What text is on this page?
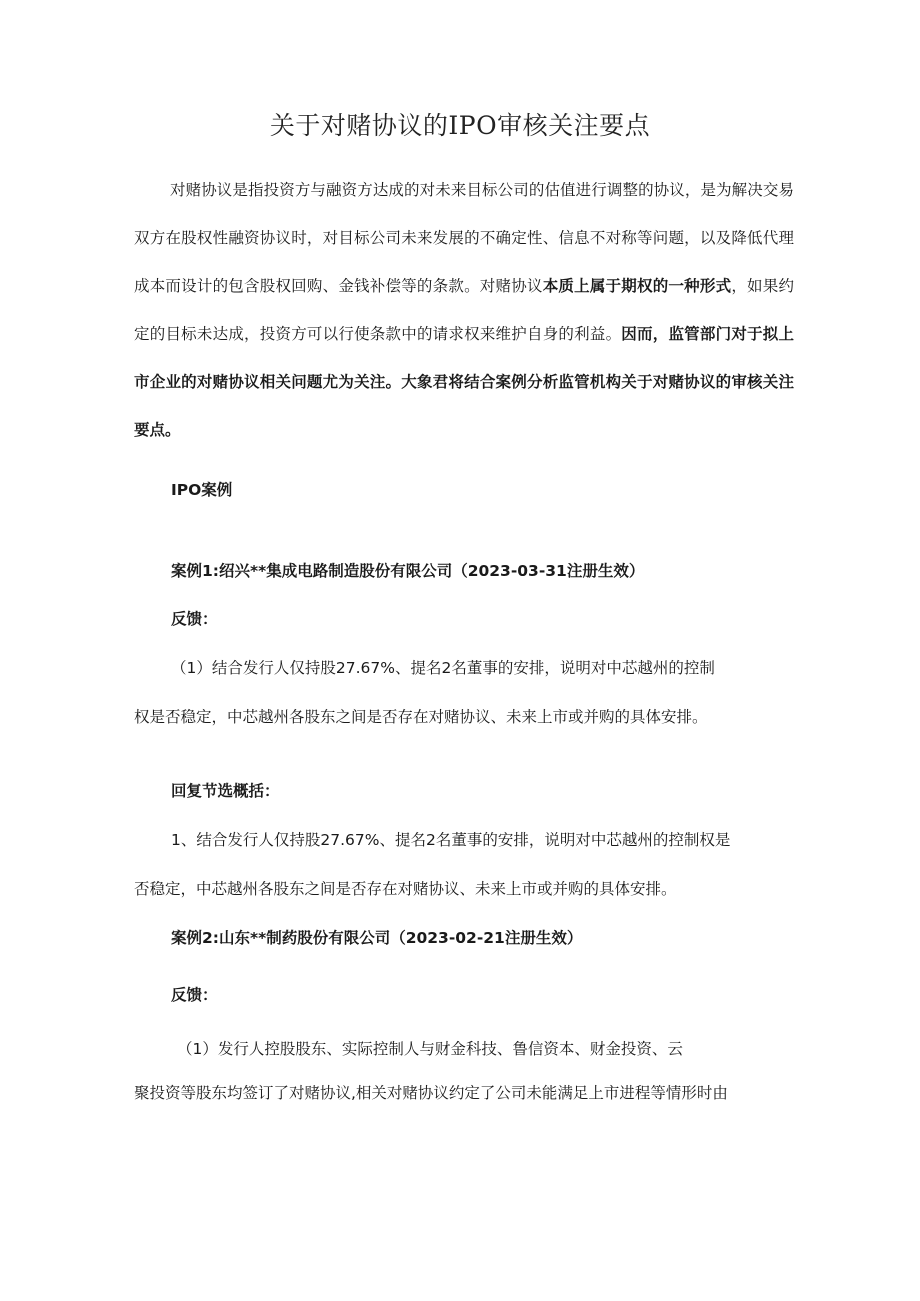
关于对赌协议的IPO审核关注要点

对赌协议是指投资方与融资方达成的对未来目标公司的估值进行调整的协议，是为解决交易双方在股权性融资协议时，对目标公司未来发展的不确定性、信息不对称等问题，以及降低代理成本而设计的包含股权回购、金钱补偿等的条款。对赌协议本质上属于期权的一种形式，如果约定的目标未达成，投资方可以行使条款中的请求权来维护自身的利益。因而，监管部门对于拟上市企业的对赌协议相关问题尤为关注。大象君将结合案例分析监管机构关于对赌协议的审核关注要点。

IPO案例
案例1:绍兴**集成电路制造股份有限公司（2023-03-31注册生效）
反馈：
（1）结合发行人仅持股27.67%、提名2名董事的安排，说明对中芯越州的控制
权是否稳定，中芯越州各股东之间是否存在对赌协议、未来上市或并购的具体安排。
回复节选概括：
1、结合发行人仅持股27.67%、提名2名董事的安排，说明对中芯越州的控制权是
否稳定，中芯越州各股东之间是否存在对赌协议、未来上市或并购的具体安排。
案例2:山东**制药股份有限公司（2023-02-21注册生效）
反馈：
（1）发行人控股股东、实际控制人与财金科技、鲁信资本、财金投资、云
聚投资等股东均签订了对赌协议,相关对赌协议约定了公司未能满足上市进程等情形时由
